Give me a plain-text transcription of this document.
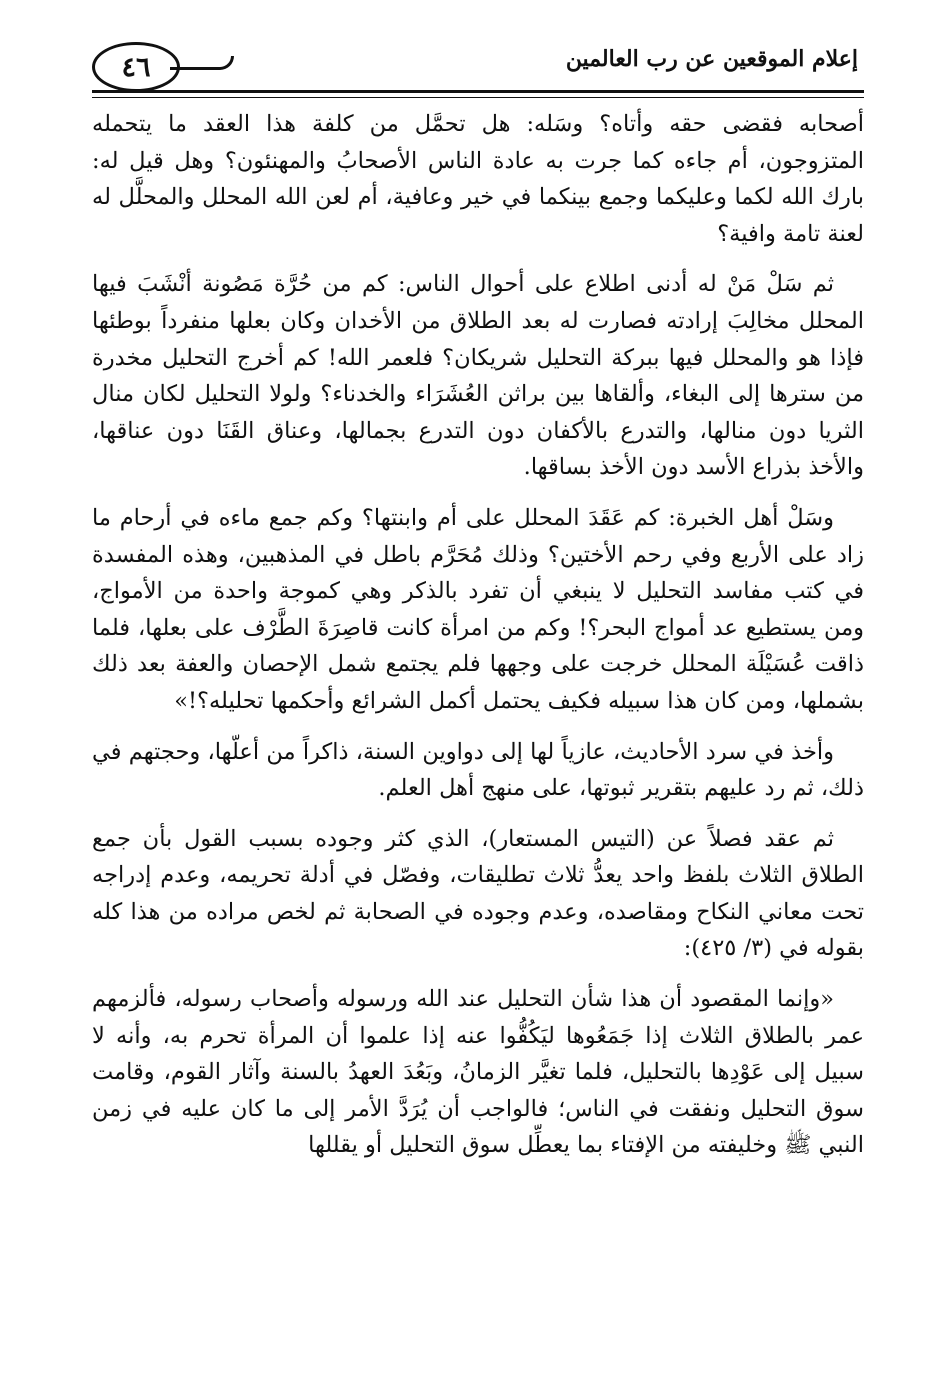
٤٦	إعلام الموقعين عن رب العالمين

أصحابه فقضى حقه وأتاه؟ وسَله: هل تحمَّل من كلفة هذا العقد ما يتحمله المتزوجون، أم جاءه كما جرت به عادة الناس الأصحابُ والمهنئون؟ وهل قيل له: بارك الله لكما وعليكما وجمع بينكما في خير وعافية، أم لعن الله المحلل والمحلَّل له لعنة تامة وافية؟

ثم سَلْ مَنْ له أدنى اطلاع على أحوال الناس: كم من حُرَّة مَصُونة أنْشَبَ فيها المحلل مخالِبَ إرادته فصارت له بعد الطلاق من الأخدان وكان بعلها منفرداً بوطئها فإذا هو والمحلل فيها ببركة التحليل شريكان؟ فلعمر الله! كم أخرج التحليل مخدرة من سترها إلى البغاء، وألقاها بين براثن العُشَرَاء والخدناء؟ ولولا التحليل لكان منال الثريا دون منالها، والتدرع بالأكفان دون التدرع بجمالها، وعناق القَنَا دون عناقها، والأخذ بذراع الأسد دون الأخذ بساقها.

وسَلْ أهل الخبرة: كم عَقَدَ المحلل على أم وابنتها؟ وكم جمع ماءه في أرحام ما زاد على الأربع وفي رحم الأختين؟ وذلك مُحَرَّم باطل في المذهبين، وهذه المفسدة في كتب مفاسد التحليل لا ينبغي أن تفرد بالذكر وهي كموجة واحدة من الأمواج، ومن يستطيع عد أمواج البحر؟! وكم من امرأة كانت قاصِرَةَ الطَّرْف على بعلها، فلما ذاقت عُسَيْلَة المحلل خرجت على وجهها فلم يجتمع شمل الإحصان والعفة بعد ذلك بشملها، ومن كان هذا سبيله فكيف يحتمل أكمل الشرائع وأحكمها تحليله؟!»

وأخذ في سرد الأحاديث، عازياً لها إلى دواوين السنة، ذاكراً من أعلّها، وحجتهم في ذلك، ثم رد عليهم بتقرير ثبوتها، على منهج أهل العلم.

ثم عقد فصلاً عن (التيس المستعار)، الذي كثر وجوده بسبب القول بأن جمع الطلاق الثلاث بلفظ واحد يعدُّ ثلاث تطليقات، وفصّل في أدلة تحريمه، وعدم إدراجه تحت معاني النكاح ومقاصده، وعدم وجوده في الصحابة ثم لخص مراده من هذا كله بقوله في (٣/ ٤٢٥):

«وإنما المقصود أن هذا شأن التحليل عند الله ورسوله وأصحاب رسوله، فألزمهم عمر بالطلاق الثلاث إذا جَمَعُوها ليَكُفُّوا عنه إذا علموا أن المرأة تحرم به، وأنه لا سبيل إلى عَوْدِها بالتحليل، فلما تغيَّر الزمانُ، وبَعُدَ العهدُ بالسنة وآثار القوم، وقامت سوق التحليل ونفقت في الناس؛ فالواجب أن يُرَدَّ الأمر إلى ما كان عليه في زمن النبي ﷺ وخليفته من الإفتاء بما يعطِّل سوق التحليل أو يقللها
